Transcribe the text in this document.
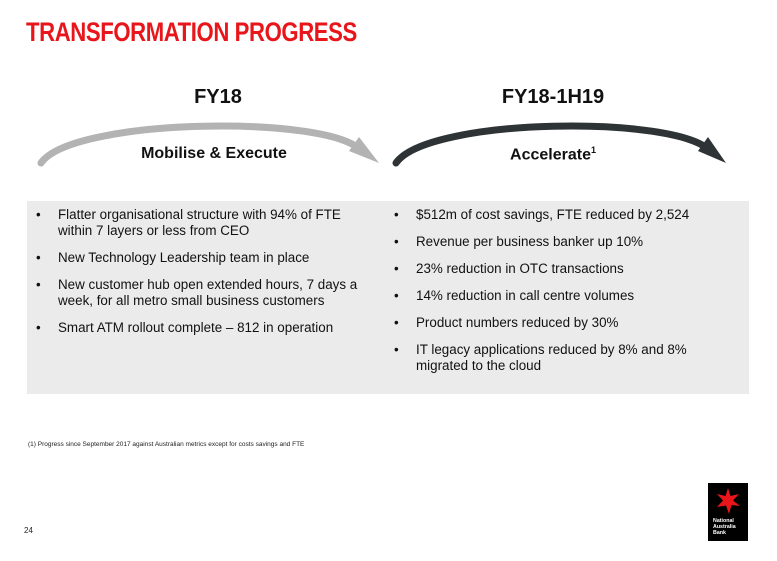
TRANSFORMATION PROGRESS
FY18
Mobilise & Execute
FY18-1H19
Accelerate$^1$
• Flatter organisational structure with 94% of FTE within 7 layers or less from CEO
• New Technology Leadership team in place
• New customer hub open extended hours, 7 days a week, for all metro small business customers
• Smart ATM rollout complete – 812 in operation
• $512m of cost savings, FTE reduced by 2,524
• Revenue per business banker up 10%
• 23% reduction in OTC transactions
• 14% reduction in call centre volumes
• Product numbers reduced by 30%
• IT legacy applications reduced by 8% and 8% migrated to the cloud
(1) Progress since September 2017 against Australian metrics except for costs savings and FTE
24
National
Australia
Bank
